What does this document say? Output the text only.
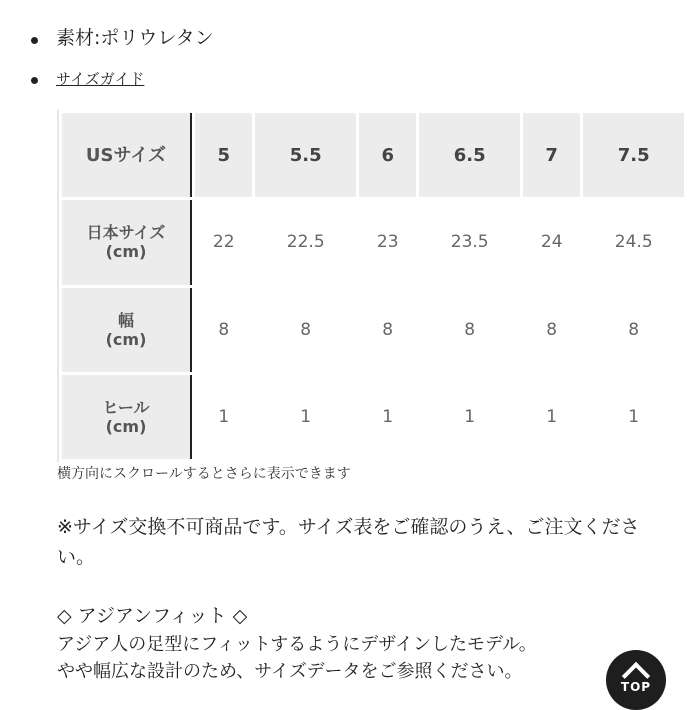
素材:ポリウレタン
サイズガイド
USサイズ	5	5.5	6	6.5	7	7.5
日本サイズ
(cm)	22	22.5	23	23.5	24	24.5
幅
(cm)	8	8	8	8	8	8
ヒール
(cm)	1	1	1	1	1	1
横方向にスクロールするとさらに表示できます
※サイズ交換不可商品です。サイズ表をご確認のうえ、ご注文ください。
◇ アジアンフィット ◇
アジア人の足型にフィットするようにデザインしたモデル。
やや幅広な設計のため、サイズデータをご参照ください。
TOP
